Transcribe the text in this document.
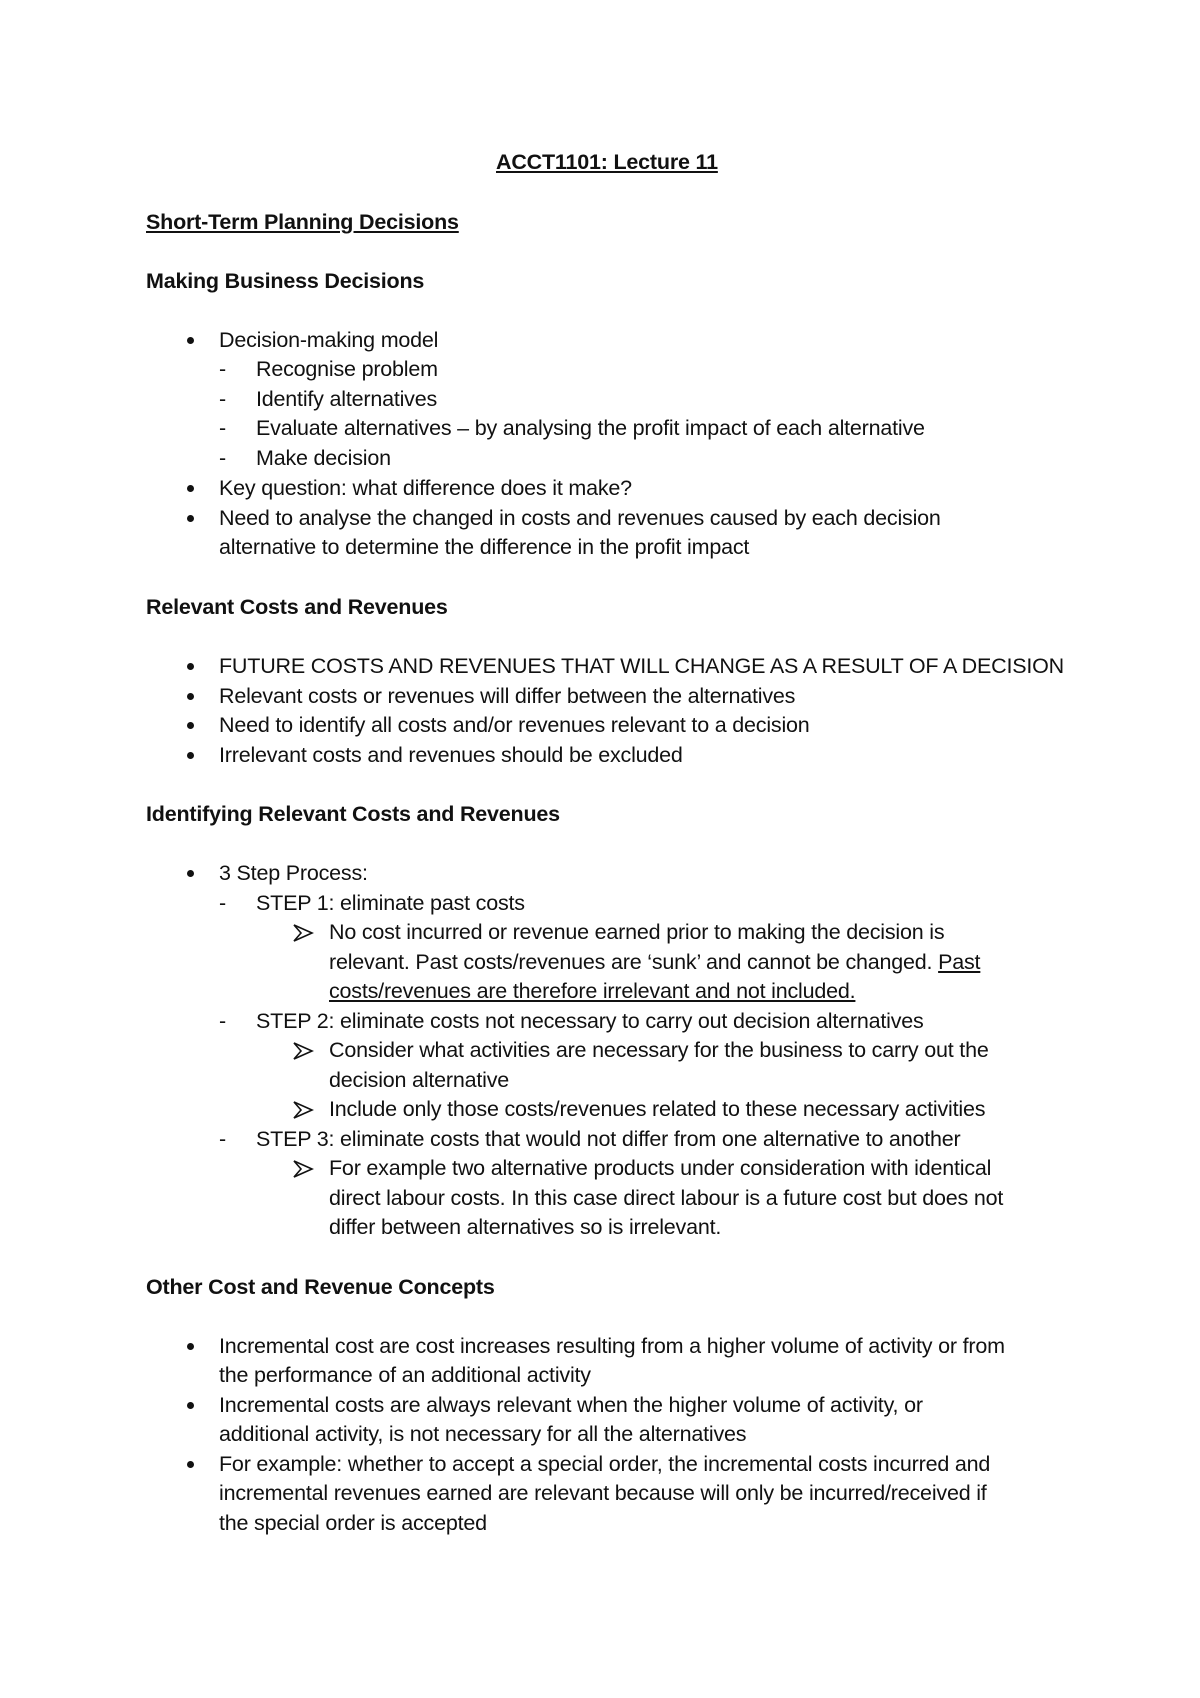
ACCT1101: Lecture 11
Short-Term Planning Decisions
Making Business Decisions
Decision-making model
- Recognise problem
- Identify alternatives
- Evaluate alternatives – by analysing the profit impact of each alternative
- Make decision
Key question: what difference does it make?
Need to analyse the changed in costs and revenues caused by each decision
alternative to determine the difference in the profit impact
Relevant Costs and Revenues
FUTURE COSTS AND REVENUES THAT WILL CHANGE AS A RESULT OF A DECISION
Relevant costs or revenues will differ between the alternatives
Need to identify all costs and/or revenues relevant to a decision
Irrelevant costs and revenues should be excluded
Identifying Relevant Costs and Revenues
3 Step Process:
- STEP 1: eliminate past costs
No cost incurred or revenue earned prior to making the decision is
relevant. Past costs/revenues are ‘sunk’ and cannot be changed. Past
costs/revenues are therefore irrelevant and not included.
- STEP 2: eliminate costs not necessary to carry out decision alternatives
Consider what activities are necessary for the business to carry out the
decision alternative
Include only those costs/revenues related to these necessary activities
- STEP 3: eliminate costs that would not differ from one alternative to another
For example two alternative products under consideration with identical
direct labour costs. In this case direct labour is a future cost but does not
differ between alternatives so is irrelevant.
Other Cost and Revenue Concepts
Incremental cost are cost increases resulting from a higher volume of activity or from
the performance of an additional activity
Incremental costs are always relevant when the higher volume of activity, or
additional activity, is not necessary for all the alternatives
For example: whether to accept a special order, the incremental costs incurred and
incremental revenues earned are relevant because will only be incurred/received if
the special order is accepted
